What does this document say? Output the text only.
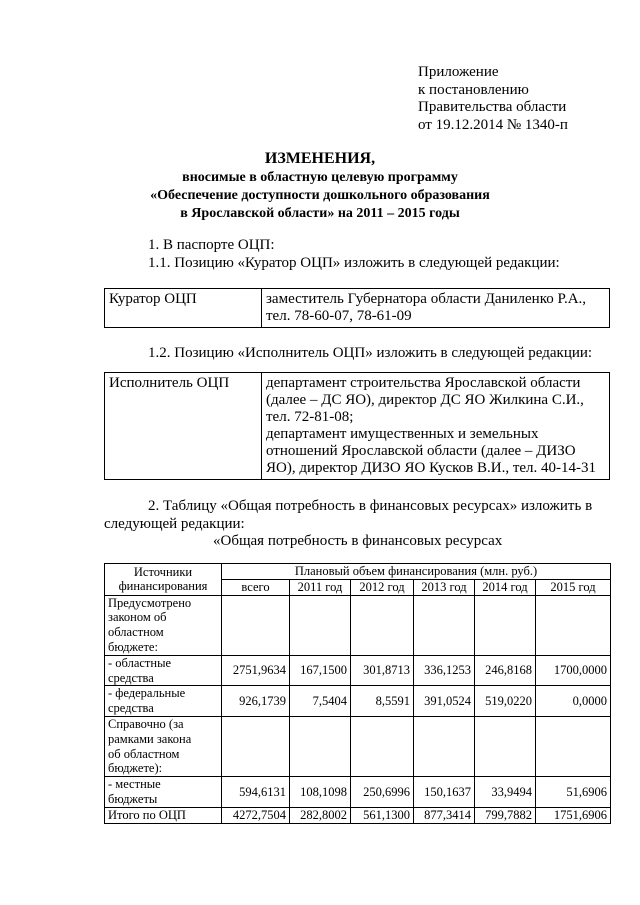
Приложение
к постановлению
Правительства области
от 19.12.2014 № 1340-п
ИЗМЕНЕНИЯ,
вносимые в областную целевую программу
«Обеспечение доступности дошкольного образования
в Ярославской области» на 2011 – 2015 годы
1. В паспорте ОЦП:
1.1. Позицию «Куратор ОЦП» изложить в следующей редакции:
Куратор ОЦП	заместитель Губернатора области Даниленко Р.А.,
тел. 78-60-07, 78-61-09
1.2. Позицию «Исполнитель ОЦП» изложить в следующей редакции:
Исполнитель ОЦП	департамент строительства Ярославской области
(далее – ДС ЯО), директор ДС ЯО Жилкина С.И.,
тел. 72-81-08;
департамент имущественных и земельных
отношений Ярославской области (далее – ДИЗО
ЯО), директор ДИЗО ЯО Кусков В.И., тел. 40-14-31
2. Таблицу «Общая потребность в финансовых ресурсах» изложить в
следующей редакции:
«Общая потребность в финансовых ресурсах
Источники
финансирования	Плановый объем финансирования (млн. руб.)					
	всего	2011 год	2012 год	2013 год	2014 год	2015 год

Предусмотрено
законом об
областном
бюджете:						

- областные
средства	2751,9634	167,1500	301,8713	336,1253	246,8168	1700,0000

- федеральные
средства	926,1739	7,5404	8,5591	391,0524	519,0220	0,0000

Справочно (за
рамками закона
об областном
бюджете):						

- местные
бюджеты	594,6131	108,1098	250,6996	150,1637	33,9494	51,6906

Итого по ОЦП	4272,7504	282,8002	561,1300	877,3414	799,7882	1751,6906
